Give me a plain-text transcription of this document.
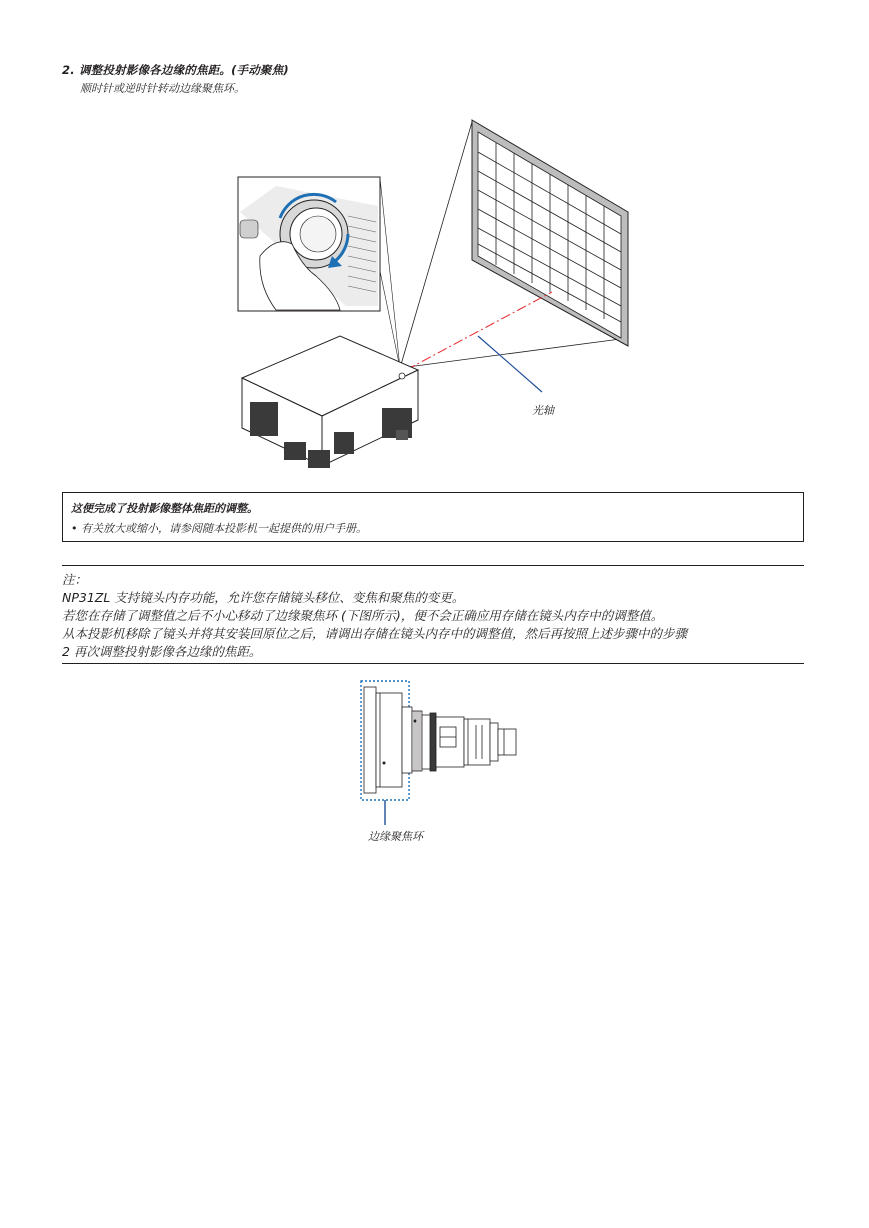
2. 调整投射影像各边缘的焦距。(手动聚焦)
顺时针或逆时针转动边缘聚焦环。
光轴
这便完成了投射影像整体焦距的调整。
• 有关放大或缩小，请参阅随本投影机一起提供的用户手册。
注：
NP31ZL 支持镜头内存功能，允许您存储镜头移位、变焦和聚焦的变更。
若您在存储了调整值之后不小心移动了边缘聚焦环 (下图所示)，便不会正确应用存储在镜头内存中的调整值。
从本投影机移除了镜头并将其安装回原位之后，请调出存储在镜头内存中的调整值，然后再按照上述步骤中的步骤
2 再次调整投射影像各边缘的焦距。
边缘聚焦环
